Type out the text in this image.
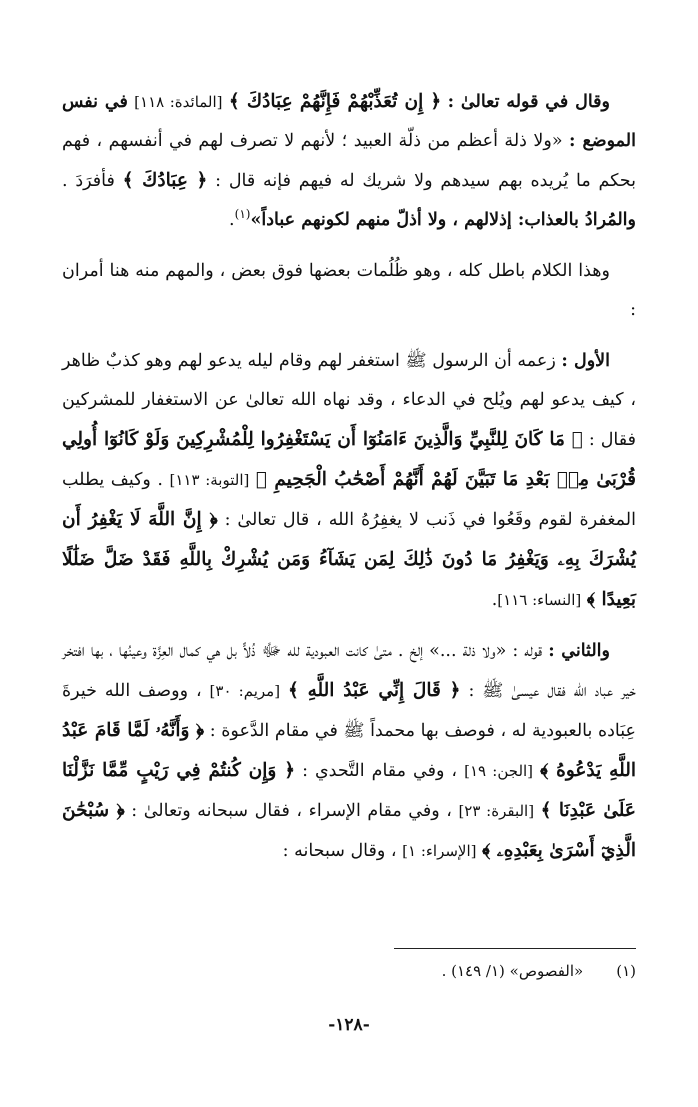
وقال في قوله تعالىٰ : ﴿ إِن تُعَذِّبْهُمْ فَإِنَّهُمْ عِبَادُكَ ﴾ [المائدة: ١١٨] في نفس الموضع : «ولا ذلة أعظم من ذلّة العبيد ؛ لأنهم لا تصرف لهم في أنفسهم ، فهم بحكم ما يُريده بهم سيدهم ولا شريك له فيهم فإنه قال : ﴿ عِبَادُكَ ﴾ فأفرَدَ . والمُرادُ بالعذاب: إذلالهم ، ولا أذلّ منهم لكونهم عباداً»$^{(١)}$.

وهذا الكلام باطل كله ، وهو ظُلُمات بعضها فوق بعض ، والمهم منه هنا أمران :

الأول : زعمه أن الرسول ﷺ استغفر لهم وقام ليله يدعو لهم وهو كذبٌ ظاهر ، كيف يدعو لهم ويُلح في الدعاء ، وقد نهاه الله تعالىٰ عن الاستغفار للمشركين فقال : ﴿ مَا كَانَ لِلنَّبِيِّ وَالَّذِينَ ءَامَنُوٓا أَن يَسْتَغْفِرُوا لِلْمُشْرِكِينَ وَلَوْ كَانُوٓا أُولِي قُرْبَىٰ مِنۢ بَعْدِ مَا تَبَيَّنَ لَهُمْ أَنَّهُمْ أَصْحَٰبُ الْجَحِيمِ ﴾ [التوبة: ١١٣] . وكيف يطلب المغفرة لقوم وقَعُوا في ذَنب لا يغفِرُهُ الله ، قال تعالىٰ : ﴿ إِنَّ اللَّهَ لَا يَغْفِرُ أَن يُشْرَكَ بِهِۦ وَيَغْفِرُ مَا دُونَ ذَٰلِكَ لِمَن يَشَآءُ وَمَن يُشْرِكْ بِاللَّهِ فَقَدْ ضَلَّ ضَلَٰلًا بَعِيدًا ﴾ [النساء: ١١٦].

والثاني : قوله : «ولا ذلة ...» إلخ . متىٰ كانت العبودية لله ﷻ ذُلاًّ بل هي كمال العِزَّة وعينُها ، بها افتخر خير عباد الله فقال عيسىٰ ﷺ : ﴿ قَالَ إِنِّي عَبْدُ اللَّهِ ﴾ [مريم: ٣٠] ، ووصف الله خيرةَ عِبَاده بالعبودية له ، فوصف بها محمداً ﷺ في مقام الدَّعوة : ﴿ وَأَنَّهُۥ لَمَّا قَامَ عَبْدُ اللَّهِ يَدْعُوهُ ﴾ [الجن: ١٩] ، وفي مقام التَّحدي : ﴿ وَإِن كُنتُمْ فِي رَيْبٍ مِّمَّا نَزَّلْنَا عَلَىٰ عَبْدِنَا ﴾ [البقرة: ٢٣] ، وفي مقام الإسراء ، فقال سبحانه وتعالىٰ : ﴿ سُبْحَٰنَ الَّذِيٓ أَسْرَىٰ بِعَبْدِهِۦ ﴾ [الإسراء: ١] ، وقال سبحانه :

(١) «الفصوص» (١/ ١٤٩) .
-١٢٨-
